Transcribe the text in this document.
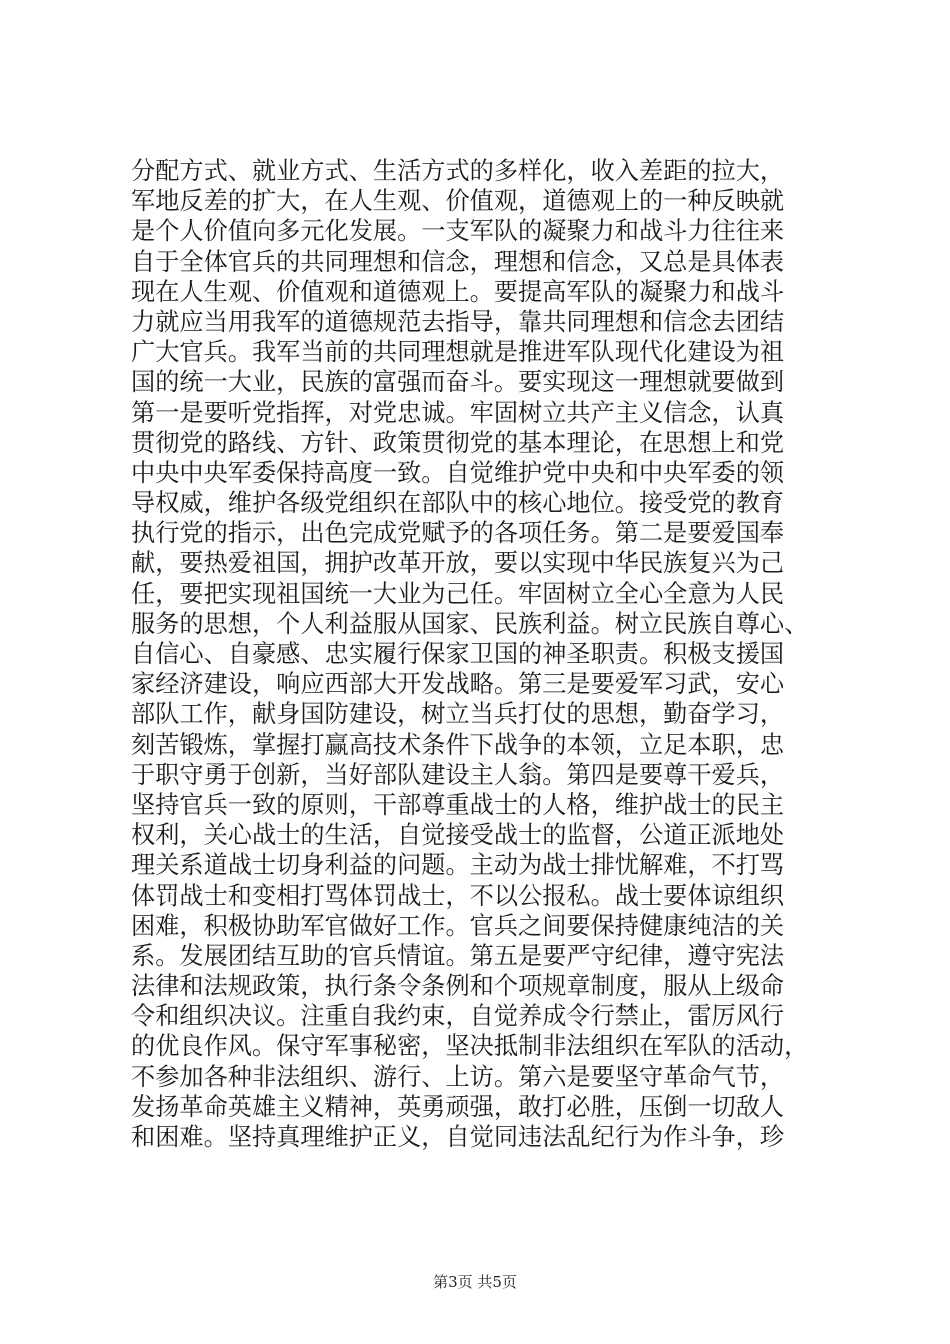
分配方式、就业方式、生活方式的多样化，收入差距的拉大，
军地反差的扩大，在人生观、价值观，道德观上的一种反映就
是个人价值向多元化发展。一支军队的凝聚力和战斗力往往来
自于全体官兵的共同理想和信念，理想和信念，又总是具体表
现在人生观、价值观和道德观上。要提高军队的凝聚力和战斗
力就应当用我军的道德规范去指导，靠共同理想和信念去团结
广大官兵。我军当前的共同理想就是推进军队现代化建设为祖
国的统一大业，民族的富强而奋斗。要实现这一理想就要做到
第一是要听党指挥，对党忠诚。牢固树立共产主义信念，认真
贯彻党的路线、方针、政策贯彻党的基本理论，在思想上和党
中央中央军委保持高度一致。自觉维护党中央和中央军委的领
导权威，维护各级党组织在部队中的核心地位。接受党的教育
执行党的指示，出色完成党赋予的各项任务。第二是要爱国奉
献，要热爱祖国，拥护改革开放，要以实现中华民族复兴为己
任，要把实现祖国统一大业为己任。牢固树立全心全意为人民
服务的思想，个人利益服从国家、民族利益。树立民族自尊心、
自信心、自豪感、忠实履行保家卫国的神圣职责。积极支援国
家经济建设，响应西部大开发战略。第三是要爱军习武，安心
部队工作，献身国防建设，树立当兵打仗的思想，勤奋学习，
刻苦锻炼，掌握打赢高技术条件下战争的本领，立足本职，忠
于职守勇于创新，当好部队建设主人翁。第四是要尊干爱兵，
坚持官兵一致的原则，干部尊重战士的人格，维护战士的民主
权利，关心战士的生活，自觉接受战士的监督，公道正派地处
理关系道战士切身利益的问题。主动为战士排忧解难，不打骂
体罚战士和变相打骂体罚战士，不以公报私。战士要体谅组织
困难，积极协助军官做好工作。官兵之间要保持健康纯洁的关
系。发展团结互助的官兵情谊。第五是要严守纪律，遵守宪法
法律和法规政策，执行条令条例和个项规章制度，服从上级命
令和组织决议。注重自我约束，自觉养成令行禁止，雷厉风行
的优良作风。保守军事秘密，坚决抵制非法组织在军队的活动，
不参加各种非法组织、游行、上访。第六是要坚守革命气节，
发扬革命英雄主义精神，英勇顽强，敢打必胜，压倒一切敌人
和困难。坚持真理维护正义，自觉同违法乱纪行为作斗争，珍
第3页 共5页
